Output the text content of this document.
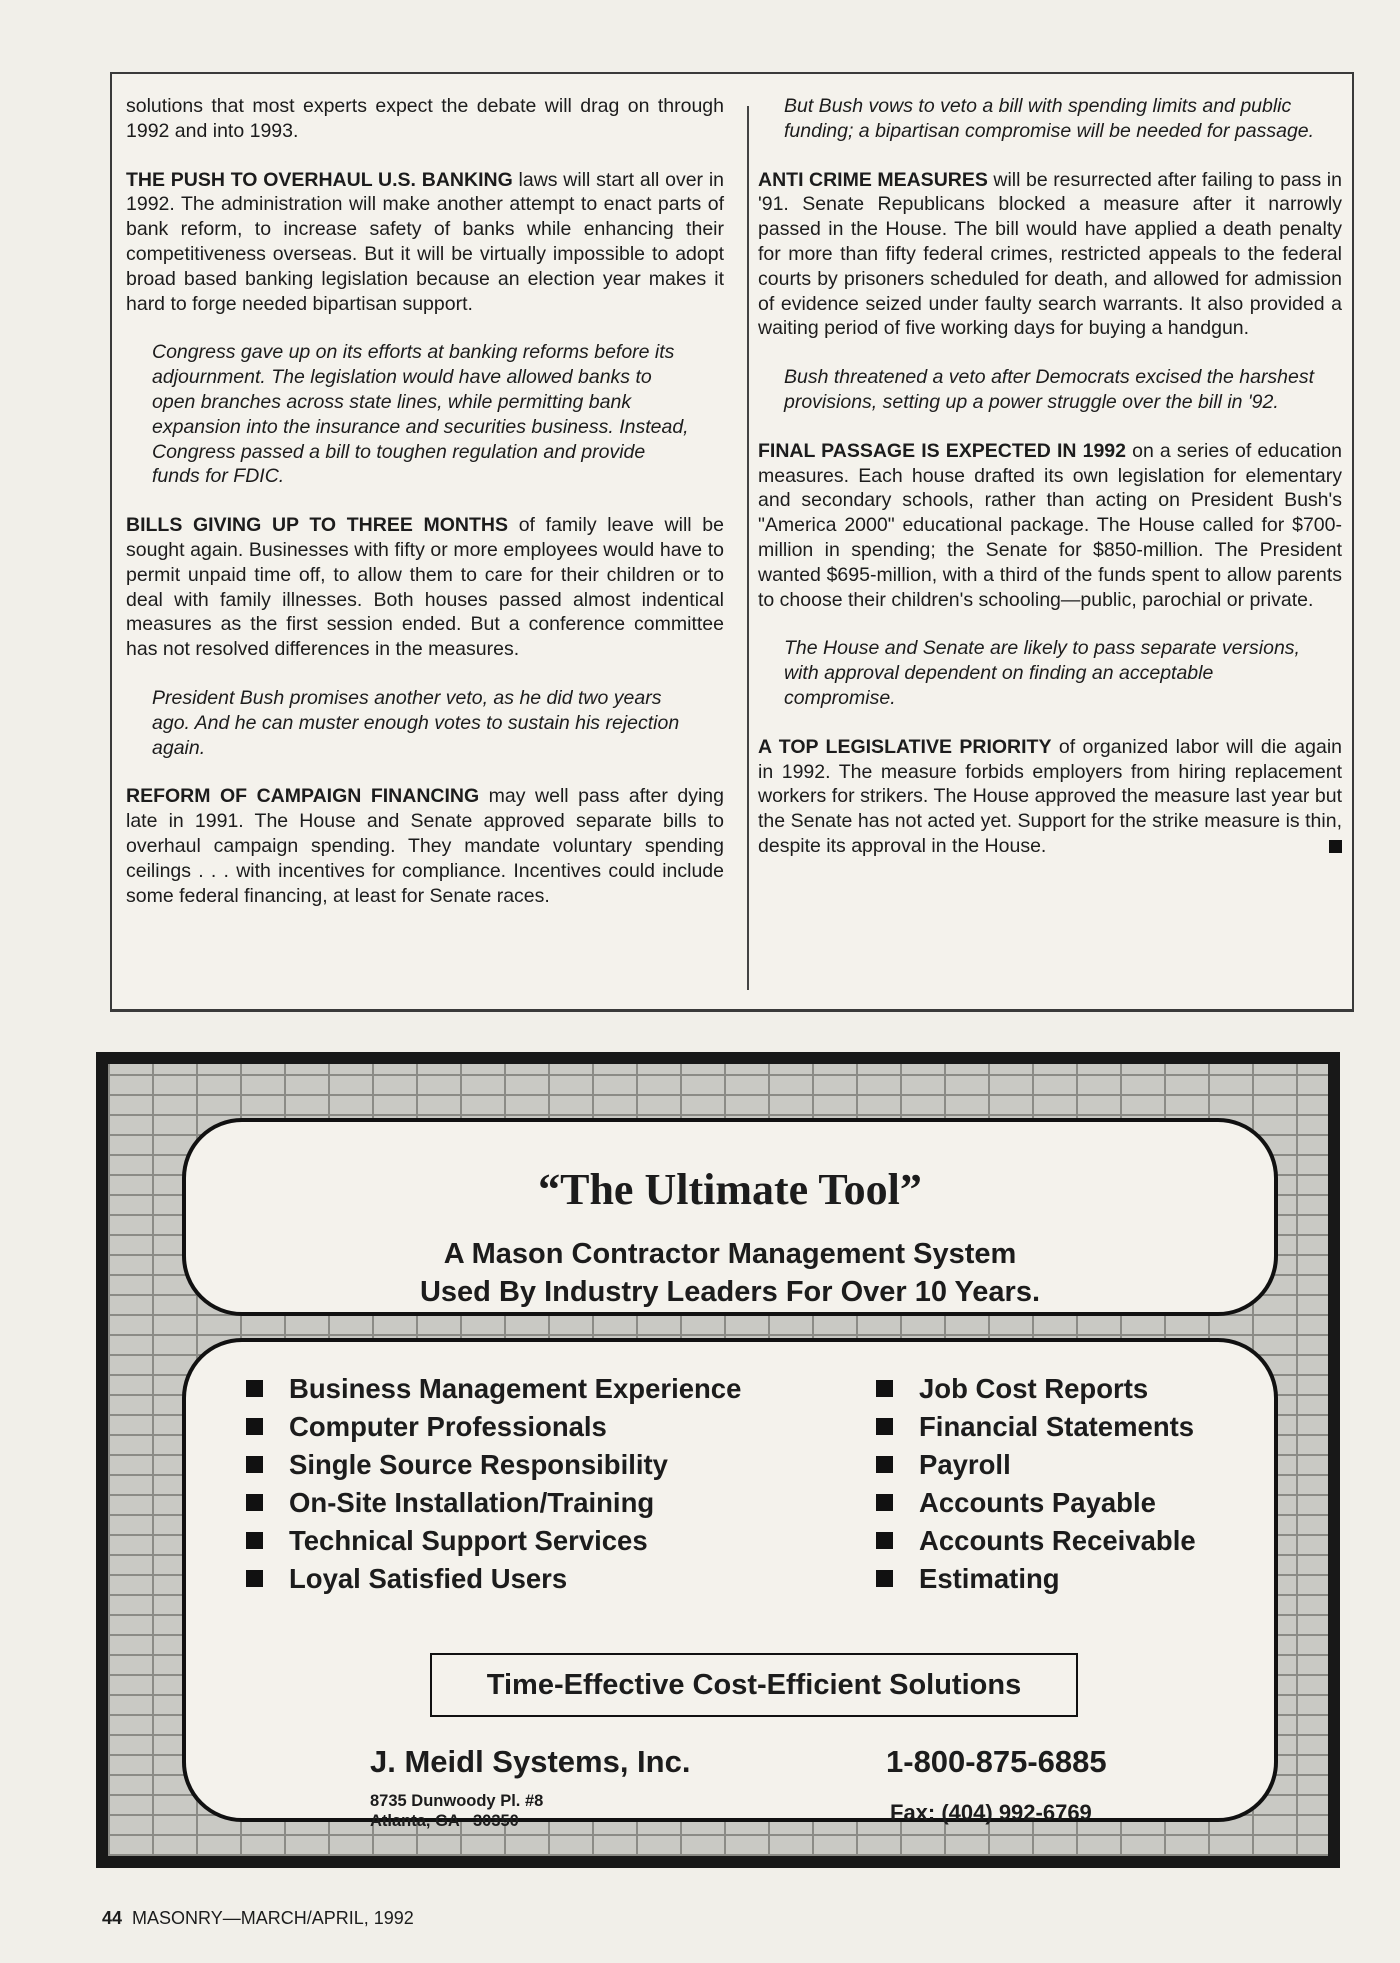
solutions that most experts expect the debate will drag on through 1992 and into 1993.

THE PUSH TO OVERHAUL U.S. BANKING laws will start all over in 1992. The administration will make another attempt to enact parts of bank reform, to increase safety of banks while enhancing their competitiveness overseas. But it will be virtually impossible to adopt broad based banking legislation because an election year makes it hard to forge needed bipartisan support.

Congress gave up on its efforts at banking reforms before its adjournment. The legislation would have allowed banks to open branches across state lines, while permitting bank expansion into the insurance and securities business. Instead, Congress passed a bill to toughen regulation and provide funds for FDIC.

BILLS GIVING UP TO THREE MONTHS of family leave will be sought again. Businesses with fifty or more employees would have to permit unpaid time off, to allow them to care for their children or to deal with family illnesses. Both houses passed almost indentical measures as the first session ended. But a conference committee has not resolved differences in the measures.

President Bush promises another veto, as he did two years ago. And he can muster enough votes to sustain his rejection again.

REFORM OF CAMPAIGN FINANCING may well pass after dying late in 1991. The House and Senate approved separate bills to overhaul campaign spending. They mandate voluntary spending ceilings . . . with incentives for compliance. Incentives could include some federal financing, at least for Senate races.

But Bush vows to veto a bill with spending limits and public funding; a bipartisan compromise will be needed for passage.

ANTI CRIME MEASURES will be resurrected after failing to pass in '91. Senate Republicans blocked a measure after it narrowly passed in the House. The bill would have applied a death penalty for more than fifty federal crimes, restricted appeals to the federal courts by prisoners scheduled for death, and allowed for admission of evidence seized under faulty search warrants. It also provided a waiting period of five working days for buying a handgun.

Bush threatened a veto after Democrats excised the harshest provisions, setting up a power struggle over the bill in '92.

FINAL PASSAGE IS EXPECTED IN 1992 on a series of education measures. Each house drafted its own legislation for elementary and secondary schools, rather than acting on President Bush's "America 2000" educational package. The House called for $700-million in spending; the Senate for $850-million. The President wanted $695-million, with a third of the funds spent to allow parents to choose their children's schooling—public, parochial or private.

The House and Senate are likely to pass separate versions, with approval dependent on finding an acceptable compromise.

A TOP LEGISLATIVE PRIORITY of organized labor will die again in 1992. The measure forbids employers from hiring replacement workers for strikers. The House approved the measure last year but the Senate has not acted yet. Support for the strike measure is thin, despite its approval in the House.

“The Ultimate Tool”
A Mason Contractor Management System
Used By Industry Leaders For Over 10 Years.
Business Management Experience
Computer Professionals
Single Source Responsibility
On-Site Installation/Training
Technical Support Services
Loyal Satisfied Users
Job Cost Reports
Financial Statements
Payroll
Accounts Payable
Accounts Receivable
Estimating
Time-Effective Cost-Efficient Solutions
J. Meidl Systems, Inc.
8735 Dunwoody Pl. #8
Atlanta, GA   30350
1-800-875-6885
Fax: (404) 992-6769
44 MASONRY—MARCH/APRIL, 1992
